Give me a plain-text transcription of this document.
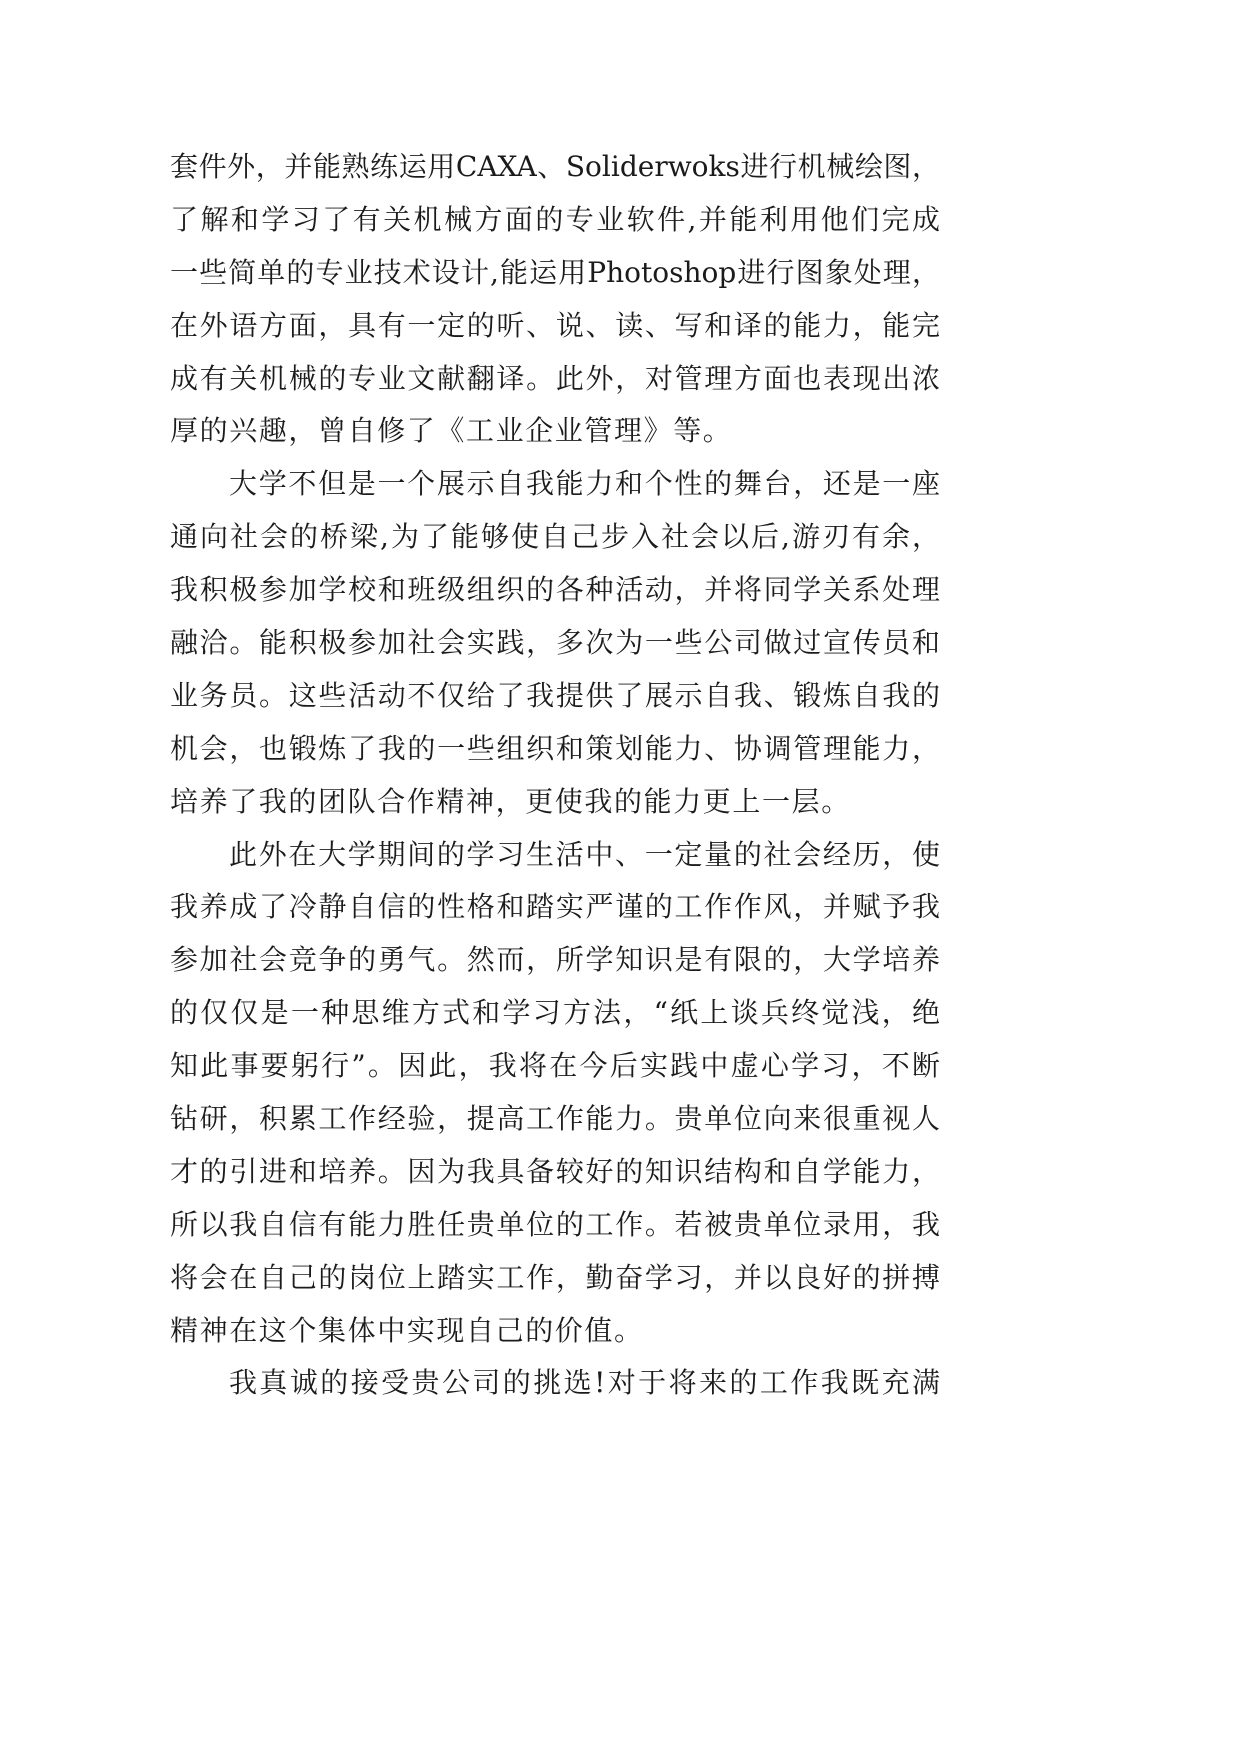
套件外，并能熟练运用CAXA、Soliderwoks进行机械绘图，
了解和学习了有关机械方面的专业软件,并能利用他们完成
一些简单的专业技术设计,能运用Photoshop进行图象处理，
在外语方面，具有一定的听、说、读、写和译的能力，能完
成有关机械的专业文献翻译。此外，对管理方面也表现出浓
厚的兴趣，曾自修了《工业企业管理》等。
大学不但是一个展示自我能力和个性的舞台，还是一座
通向社会的桥梁,为了能够使自己步入社会以后,游刃有余，
我积极参加学校和班级组织的各种活动，并将同学关系处理
融洽。能积极参加社会实践，多次为一些公司做过宣传员和
业务员。这些活动不仅给了我提供了展示自我、锻炼自我的
机会，也锻炼了我的一些组织和策划能力、协调管理能力，
培养了我的团队合作精神，更使我的能力更上一层。
此外在大学期间的学习生活中、一定量的社会经历，使
我养成了冷静自信的性格和踏实严谨的工作作风，并赋予我
参加社会竞争的勇气。然而，所学知识是有限的，大学培养
的仅仅是一种思维方式和学习方法，“纸上谈兵终觉浅，绝
知此事要躬行”。因此，我将在今后实践中虚心学习，不断
钻研，积累工作经验，提高工作能力。贵单位向来很重视人
才的引进和培养。因为我具备较好的知识结构和自学能力，
所以我自信有能力胜任贵单位的工作。若被贵单位录用，我
将会在自己的岗位上踏实工作，勤奋学习，并以良好的拼搏
精神在这个集体中实现自己的价值。
我真诚的接受贵公司的挑选!对于将来的工作我既充满
